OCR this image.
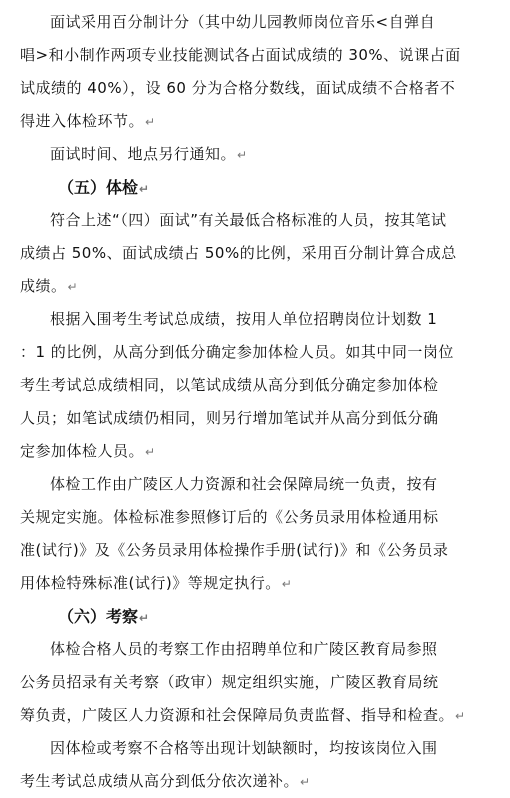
面试采用百分制计分（其中幼儿园教师岗位音乐<自弹自
唱>和小制作两项专业技能测试各占面试成绩的 30%、说课占面
试成绩的 40%），设 60 分为合格分数线，面试成绩不合格者不
得进入体检环节。↵
面试时间、地点另行通知。↵
（五）体检↵
符合上述“（四）面试”有关最低合格标准的人员，按其笔试
成绩占 50%、面试成绩占 50%的比例，采用百分制计算合成总
成绩。↵
根据入围考生考试总成绩，按用人单位招聘岗位计划数 1
：1 的比例，从高分到低分确定参加体检人员。如其中同一岗位
考生考试总成绩相同，以笔试成绩从高分到低分确定参加体检
人员；如笔试成绩仍相同，则另行增加笔试并从高分到低分确
定参加体检人员。↵
体检工作由广陵区人力资源和社会保障局统一负责，按有
关规定实施。体检标准参照修订后的《公务员录用体检通用标
准(试行)》及《公务员录用体检操作手册(试行)》和《公务员录
用体检特殊标准(试行)》等规定执行。↵
（六）考察↵
体检合格人员的考察工作由招聘单位和广陵区教育局参照
公务员招录有关考察（政审）规定组织实施，广陵区教育局统
筹负责，广陵区人力资源和社会保障局负责监督、指导和检查。↵
因体检或考察不合格等出现计划缺额时，均按该岗位入围
考生考试总成绩从高分到低分依次递补。↵
